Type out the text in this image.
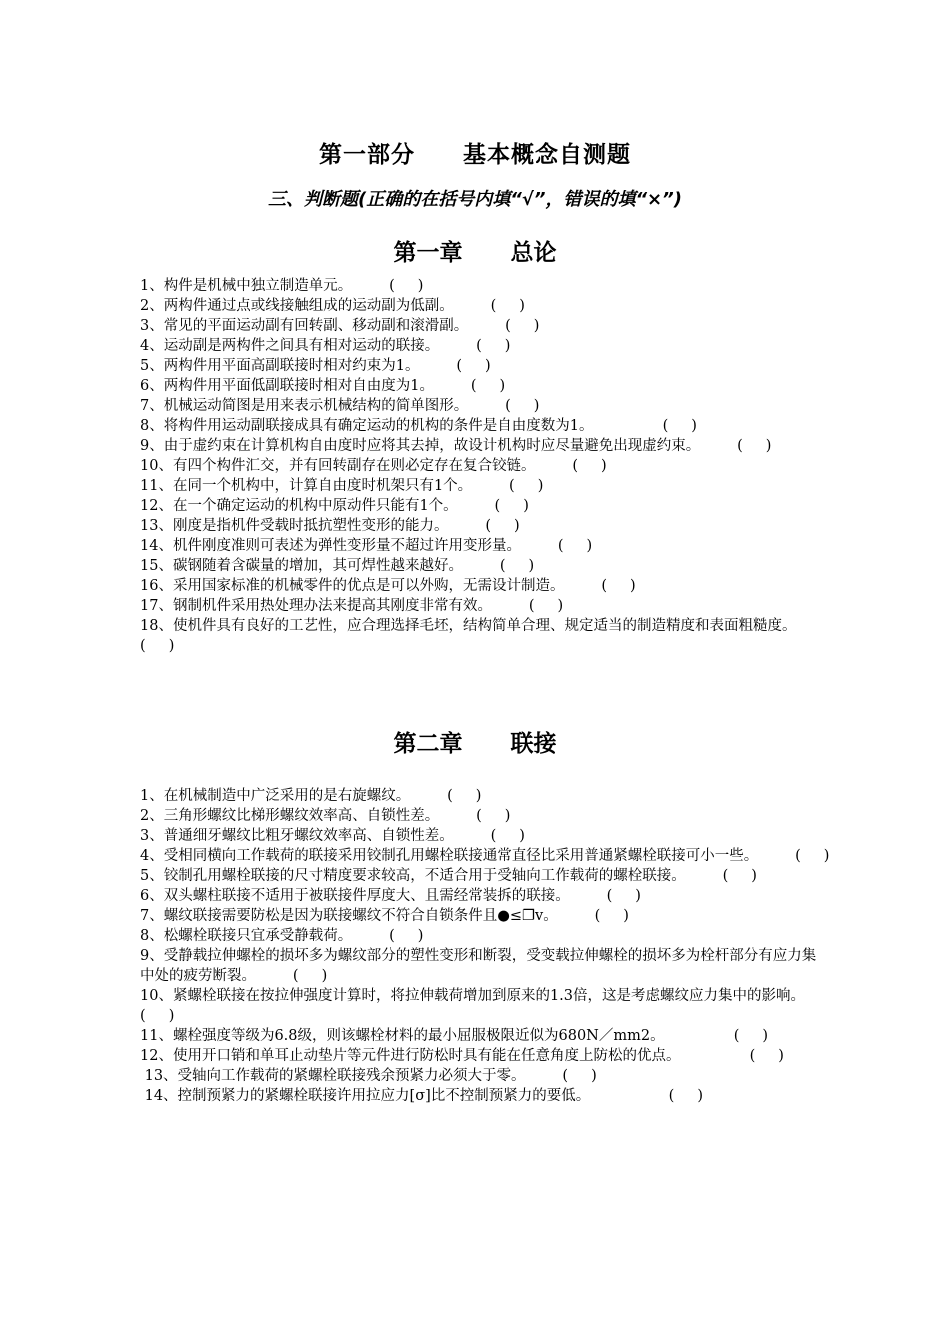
第一部分 基本概念自测题
三、判断题(正确的在括号内填“√”，错误的填“×”)
第一章 总论
1、构件是机械中独立制造单元。        (     )
2、两构件通过点或线接触组成的运动副为低副。        (     )
3、常见的平面运动副有回转副、移动副和滚滑副。        (     )
4、运动副是两构件之间具有相对运动的联接。        (     )
5、两构件用平面高副联接时相对约束为1。        (     )
6、两构件用平面低副联接时相对自由度为1。        (     )
7、机械运动简图是用来表示机械结构的简单图形。        (     )
8、将构件用运动副联接成具有确定运动的机构的条件是自由度数为1。               (     )
9、由于虚约束在计算机构自由度时应将其去掉，故设计机构时应尽量避免出现虚约束。        (     )
10、有四个构件汇交，并有回转副存在则必定存在复合铰链。        (     )
11、在同一个机构中，计算自由度时机架只有1个。        (     )
12、在一个确定运动的机构中原动件只能有1个。        (     )
13、刚度是指机件受载时抵抗塑性变形的能力。        (     )
14、机件刚度准则可表述为弹性变形量不超过许用变形量。        (     )
15、碳钢随着含碳量的增加，其可焊性越来越好。        (     )
16、采用国家标准的机械零件的优点是可以外购，无需设计制造。        (     )
17、钢制机件采用热处理办法来提高其刚度非常有效。        (     )
18、使机件具有良好的工艺性，应合理选择毛坯，结构简单合理、规定适当的制造精度和表面粗糙度。        (     )
第二章 联接
1、在机械制造中广泛采用的是右旋螺纹。        (     )
2、三角形螺纹比梯形螺纹效率高、自锁性差。        (     )
3、普通细牙螺纹比粗牙螺纹效率高、自锁性差。        (     )
4、受相同横向工作载荷的联接采用铰制孔用螺栓联接通常直径比采用普通紧螺栓联接可小一些。        (     )
5、铰制孔用螺栓联接的尺寸精度要求较高，不适合用于受轴向工作载荷的螺栓联接。        (     )
6、双头螺柱联接不适用于被联接件厚度大、且需经常装拆的联接。        (     )
7、螺纹联接需要防松是因为联接螺纹不符合自锁条件且●≤❐v。        (     )
8、松螺栓联接只宜承受静载荷。        (     )
9、受静载拉伸螺栓的损坏多为螺纹部分的塑性变形和断裂，受变载拉伸螺栓的损坏多为栓杆部分有应力集中处的疲劳断裂。        (     )
10、紧螺栓联接在按拉伸强度计算时，将拉伸载荷增加到原来的1.3倍，这是考虑螺纹应力集中的影响。        (     )
11、螺栓强度等级为6.8级，则该螺栓材料的最小屈服极限近似为680N／mm2。               (     )
12、使用开口销和单耳止动垫片等元件进行防松时具有能在任意角度上防松的优点。               (     )
13、受轴向工作载荷的紧螺栓联接残余预紧力必须大于零。        (     )
14、控制预紧力的紧螺栓联接许用拉应力[σ]比不控制预紧力的要低。                 (     )
